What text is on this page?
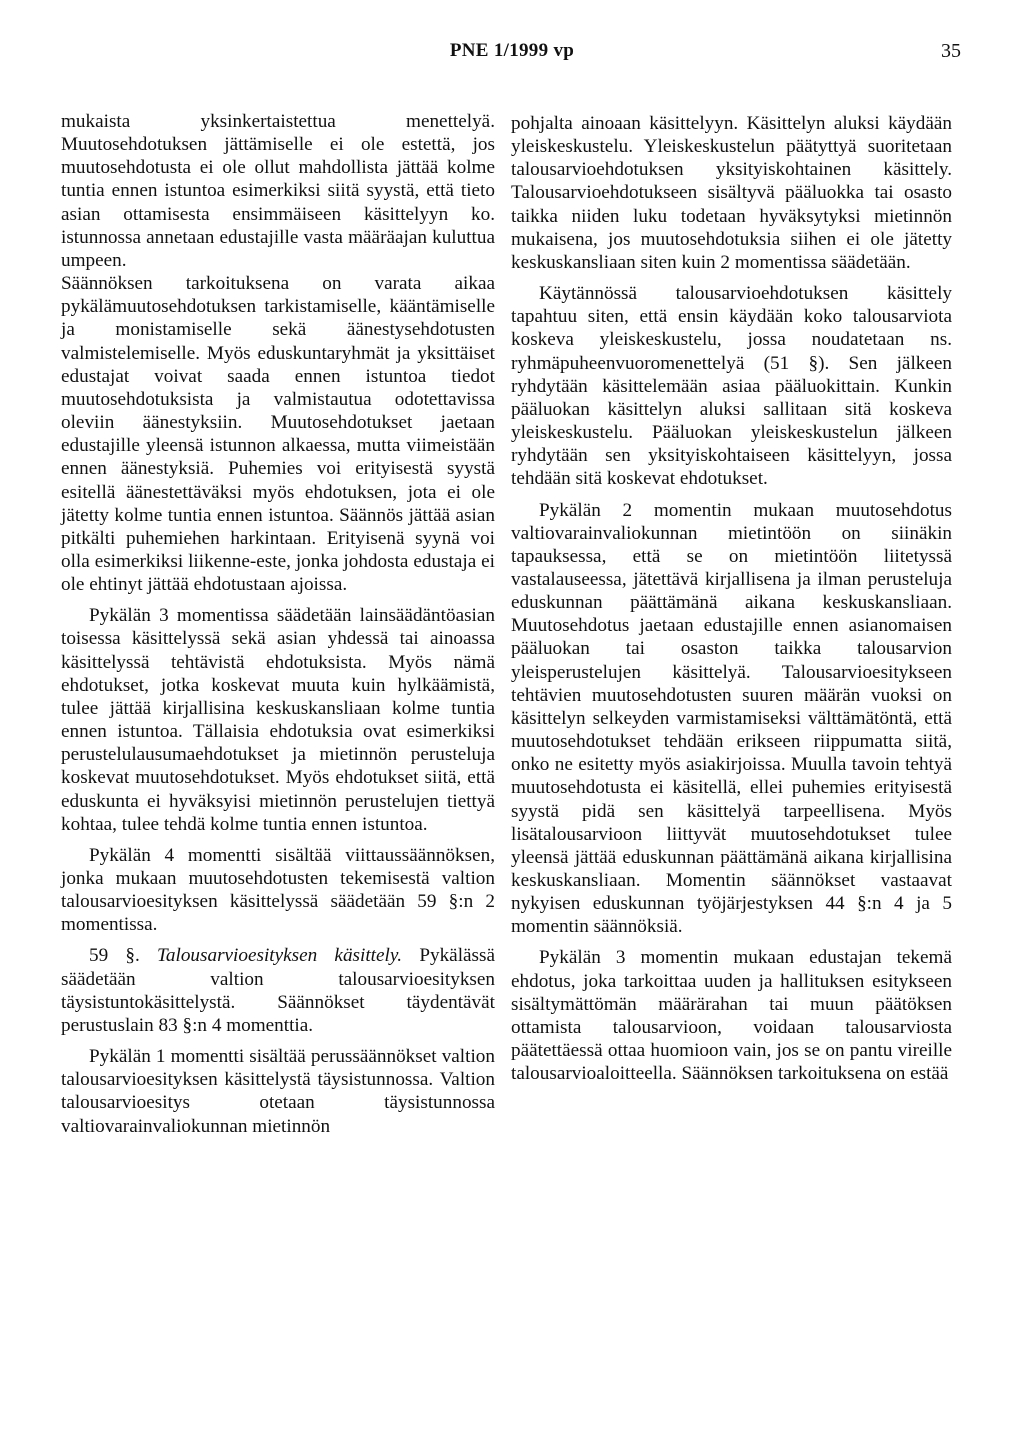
PNE 1/1999 vp	35

mukaista yksinkertaistettua menettelyä. Muutosehdotuksen jättämiselle ei ole estettä, jos muutosehdotusta ei ole ollut mahdollista jättää kolme tuntia ennen istuntoa esimerkiksi siitä syystä, että tieto asian ottamisesta ensimmäiseen käsittelyyn ko. istunnossa annetaan edustajille vasta määräajan kuluttua umpeen.

Säännöksen tarkoituksena on varata aikaa pykälämuutosehdotuksen tarkistamiselle, kääntämiselle ja monistamiselle sekä äänestysehdotusten valmistelemiselle. Myös eduskuntaryhmät ja yksittäiset edustajat voivat saada ennen istuntoa tiedot muutosehdotuksista ja valmistautua odotettavissa oleviin äänestyksiin. Muutosehdotukset jaetaan edustajille yleensä istunnon alkaessa, mutta viimeistään ennen äänestyksiä. Puhemies voi erityisestä syystä esitellä äänestettäväksi myös ehdotuksen, jota ei ole jätetty kolme tuntia ennen istuntoa. Säännös jättää asian pitkälti puhemiehen harkintaan. Erityisenä syynä voi olla esimerkiksi liikenne-este, jonka johdosta edustaja ei ole ehtinyt jättää ehdotustaan ajoissa.

Pykälän 3 momentissa säädetään lainsäädäntöasian toisessa käsittelyssä sekä asian yhdessä tai ainoassa käsittelyssä tehtävistä ehdotuksista. Myös nämä ehdotukset, jotka koskevat muuta kuin hylkäämistä, tulee jättää kirjallisina keskuskansliaan kolme tuntia ennen istuntoa. Tällaisia ehdotuksia ovat esimerkiksi perustelulausumaehdotukset ja mietinnön perusteluja koskevat muutosehdotukset. Myös ehdotukset siitä, että eduskunta ei hyväksyisi mietinnön perustelujen tiettyä kohtaa, tulee tehdä kolme tuntia ennen istuntoa.

Pykälän 4 momentti sisältää viittaussäännöksen, jonka mukaan muutosehdotusten tekemisestä valtion talousarvioesityksen käsittelyssä säädetään 59 §:n 2 momentissa.

59 §. Talousarvioesityksen käsittely. Pykälässä säädetään valtion talousarvioesityksen täysistuntokäsittelystä. Säännökset täydentävät perustuslain 83 §:n 4 momenttia.

Pykälän 1 momentti sisältää perussäännökset valtion talousarvioesityksen käsittelystä täysistunnossa. Valtion talousarvioesitys otetaan täysistunnossa valtiovarainvaliokunnan mietinnön

pohjalta ainoaan käsittelyyn. Käsittelyn aluksi käydään yleiskeskustelu. Yleiskeskustelun päätyttyä suoritetaan talousarvioehdotuksen yksityiskohtainen käsittely. Talousarvioehdotukseen sisältyvä pääluokka tai osasto taikka niiden luku todetaan hyväksytyksi mietinnön mukaisena, jos muutosehdotuksia siihen ei ole jätetty keskuskansliaan siten kuin 2 momentissa säädetään.

Käytännössä talousarvioehdotuksen käsittely tapahtuu siten, että ensin käydään koko talousarviota koskeva yleiskeskustelu, jossa noudatetaan ns. ryhmäpuheenvuoromenettelyä (51 §). Sen jälkeen ryhdytään käsittelemään asiaa pääluokittain. Kunkin pääluokan käsittelyn aluksi sallitaan sitä koskeva yleiskeskustelu. Pääluokan yleiskeskustelun jälkeen ryhdytään sen yksityiskohtaiseen käsittelyyn, jossa tehdään sitä koskevat ehdotukset.

Pykälän 2 momentin mukaan muutosehdotus valtiovarainvaliokunnan mietintöön on siinäkin tapauksessa, että se on mietintöön liitetyssä vastalauseessa, jätettävä kirjallisena ja ilman perusteluja eduskunnan päättämänä aikana keskuskansliaan. Muutosehdotus jaetaan edustajille ennen asianomaisen pääluokan tai osaston taikka talousarvion yleisperustelujen käsittelyä. Talousarvioesitykseen tehtävien muutosehdotusten suuren määrän vuoksi on käsittelyn selkeyden varmistamiseksi välttämätöntä, että muutosehdotukset tehdään erikseen riippumatta siitä, onko ne esitetty myös asiakirjoissa. Muulla tavoin tehtyä muutosehdotusta ei käsitellä, ellei puhemies erityisestä syystä pidä sen käsittelyä tarpeellisena. Myös lisätalousarvioon liittyvät muutosehdotukset tulee yleensä jättää eduskunnan päättämänä aikana kirjallisina keskuskansliaan. Momentin säännökset vastaavat nykyisen eduskunnan työjärjestyksen 44 §:n 4 ja 5 momentin säännöksiä.

Pykälän 3 momentin mukaan edustajan tekemä ehdotus, joka tarkoittaa uuden ja hallituksen esitykseen sisältymättömän määrärahan tai muun päätöksen ottamista talousarvioon, voidaan talousarviosta päätettäessä ottaa huomioon vain, jos se on pantu vireille talousarvioaloitteella. Säännöksen tarkoituksena on estää
